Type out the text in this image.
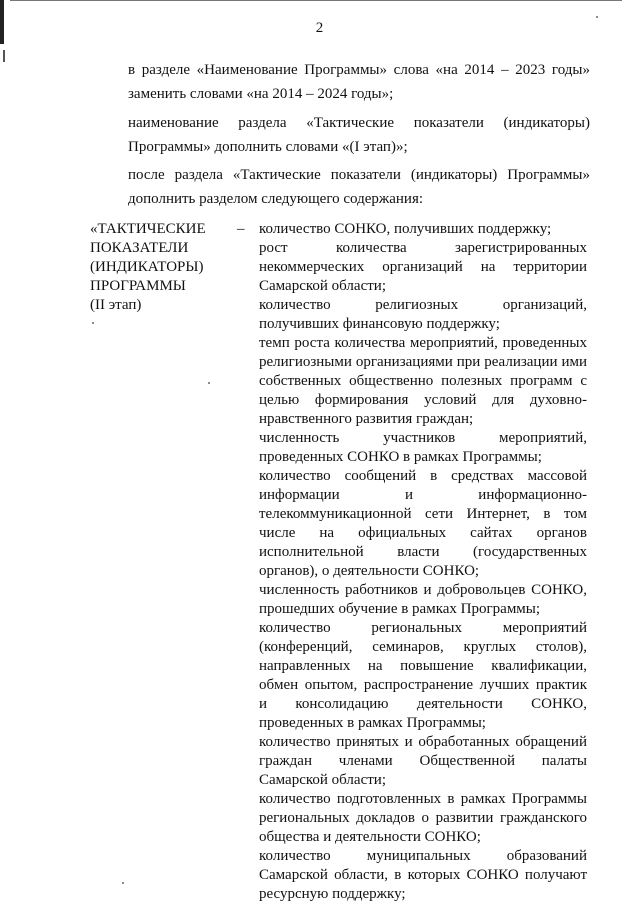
2
в разделе «Наименование Программы» слова «на 2014 – 2023 годы» заменить словами «на 2014 – 2024 годы»;
наименование раздела «Тактические показатели (индикаторы) Программы» дополнить словами «(I этап)»;
после раздела «Тактические показатели (индикаторы) Программы» дополнить разделом следующего содержания:
«ТАКТИЧЕСКИЕ
ПОКАЗАТЕЛИ
(ИНДИКАТОРЫ)
ПРОГРАММЫ
(II этап)
– количество СОНКО, получивших поддержку;
рост количества зарегистрированных некоммерческих организаций на территории Самарской области;
количество религиозных организаций, получивших финансовую поддержку;
темп роста количества мероприятий, проведенных религиозными организациями при реализации ими собственных общественно полезных программ с целью формирования условий для духовно-нравственного развития граждан;
численность участников мероприятий, проведенных СОНКО в рамках Программы;
количество сообщений в средствах массовой информации и информационно-телекоммуникационной сети Интернет, в том числе на официальных сайтах органов исполнительной власти (государственных органов), о деятельности СОНКО;
численность работников и добровольцев СОНКО, прошедших обучение в рамках Программы;
количество региональных мероприятий (конференций, семинаров, круглых столов), направленных на повышение квалификации, обмен опытом, распространение лучших практик и консолидацию деятельности СОНКО, проведенных в рамках Программы;
количество принятых и обработанных обращений граждан членами Общественной палаты Самарской области;
количество подготовленных в рамках Программы региональных докладов о развитии гражданского общества и деятельности СОНКО;
количество муниципальных образований Самарской области, в которых СОНКО получают ресурсную поддержку;
